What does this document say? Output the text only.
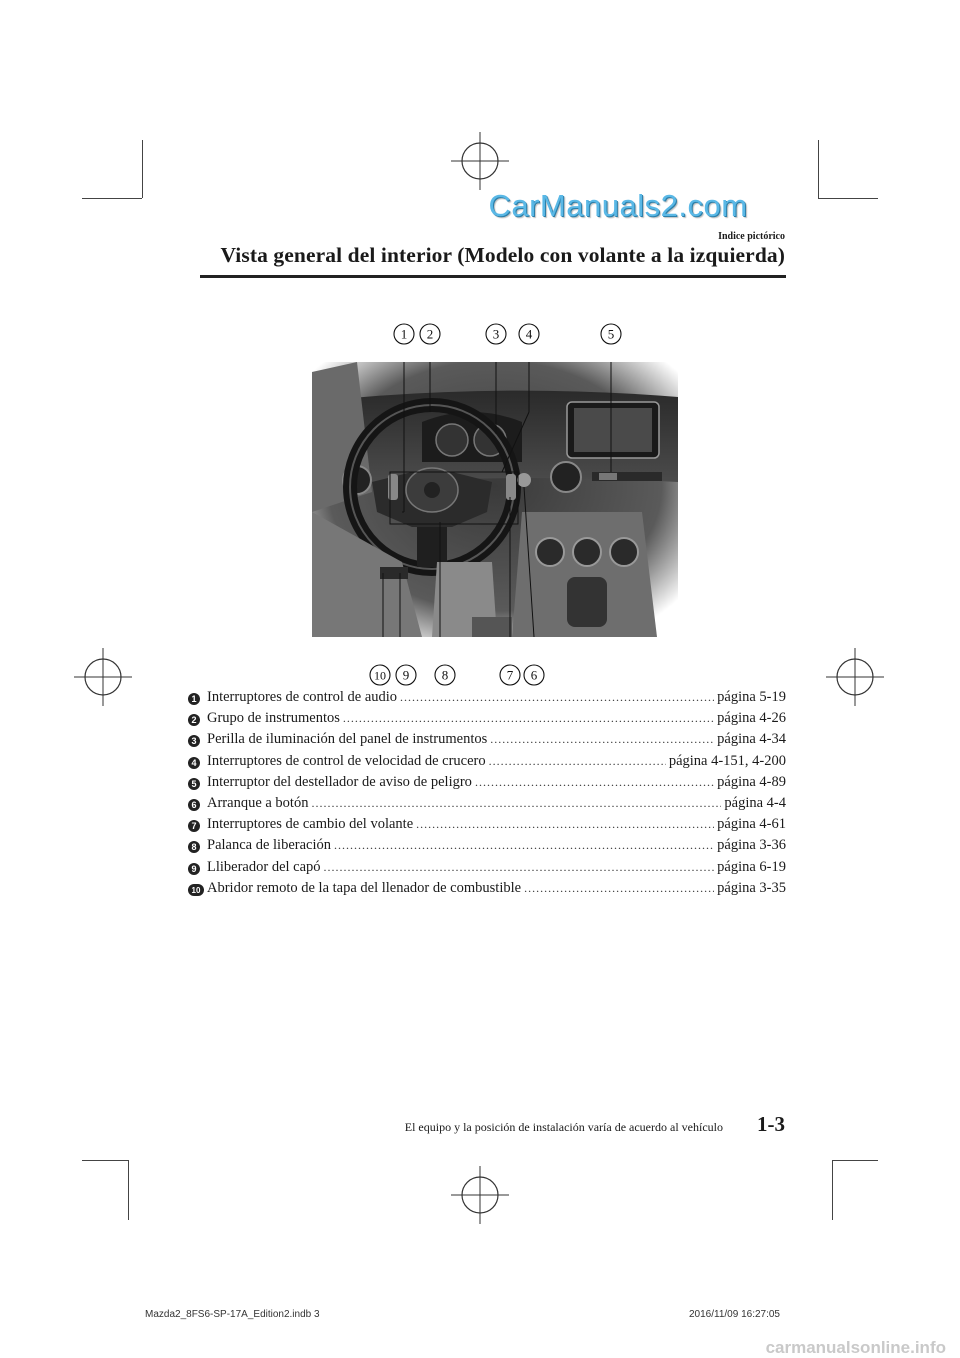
CarManuals2.com
Indice pictórico
Vista general del interior (Modelo con volante a la izquierda)
1 2	3 4	5
10 9	8	7 6
1 Interruptores de control de audio .....	página 5-19
2 Grupo de instrumentos .....	página 4-26
3 Perilla de iluminación del panel de instrumentos .....	página 4-34
4 Interruptores de control de velocidad de crucero .....	página 4-151, 4-200
5 Interruptor del destellador de aviso de peligro .....	página 4-89
6 Arranque a botón .....	página 4-4
7 Interruptores de cambio del volante .....	página 4-61
8 Palanca de liberación .....	página 3-36
9 Lliberador del capó .....	página 6-19
10 Abridor remoto de la tapa del llenador de combustible .....	página 3-35
El equipo y la posición de instalación varía de acuerdo al vehículo 1-3
Mazda2_8FS6-SP-17A_Edition2.indb 3	2016/11/09 16:27:05
carmanualsonline.info
